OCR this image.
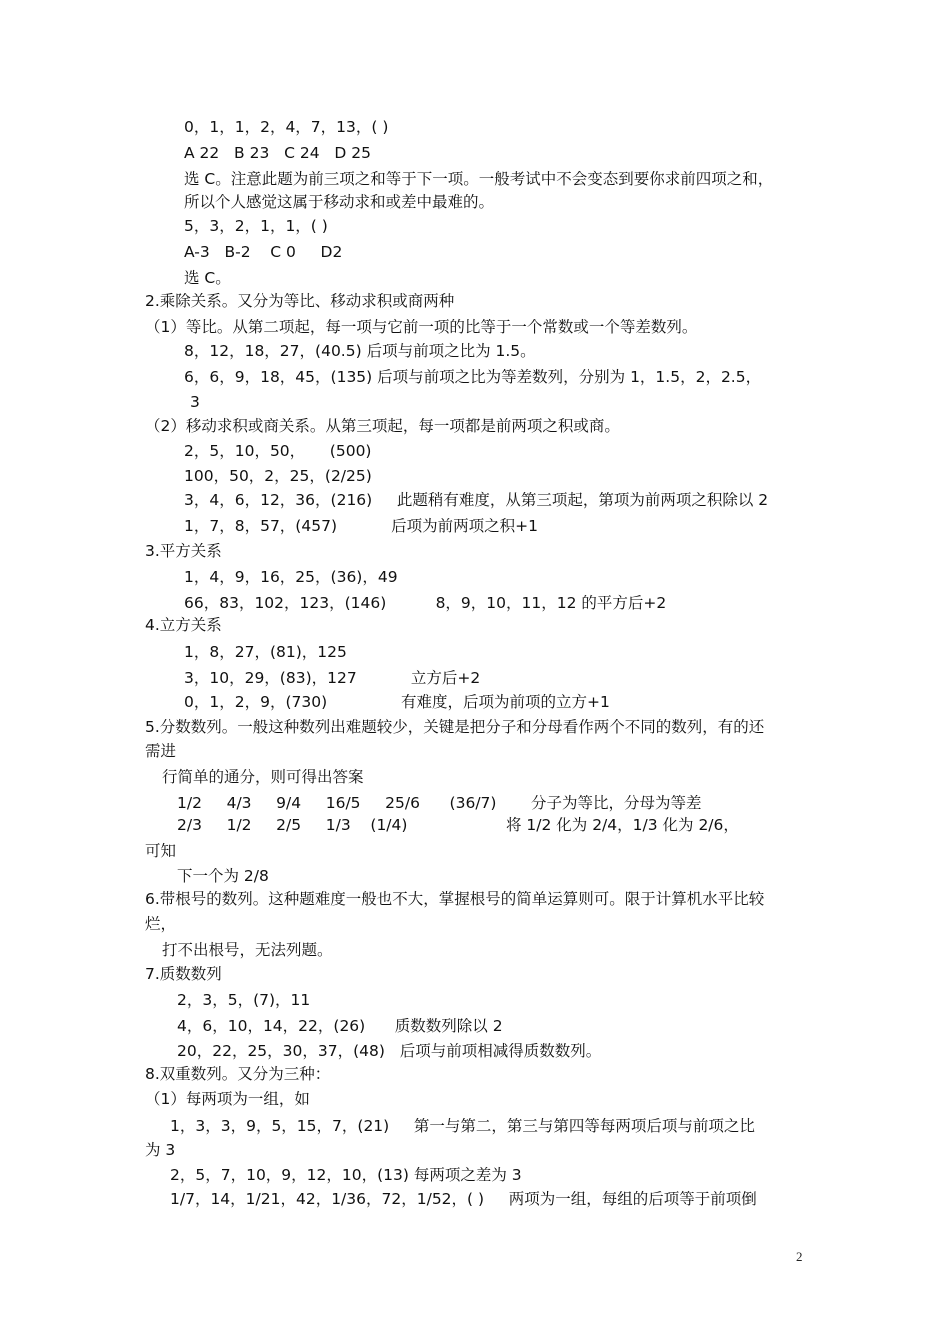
0，1，1，2，4，7，13，( )
A 22   B 23   C 24   D 25
选 C。注意此题为前三项之和等于下一项。一般考试中不会变态到要你求前四项之和，
所以个人感觉这属于移动求和或差中最难的。
5，3，2，1，1，( )
A-3   B-2    C 0     D2
选 C。
2.乘除关系。又分为等比、移动求积或商两种
（1）等比。从第二项起，每一项与它前一项的比等于一个常数或一个等差数列。
8，12，18，27，(40.5) 后项与前项之比为 1.5。
6，6，9，18，45，(135) 后项与前项之比为等差数列，分别为 1，1.5，2，2.5，
3
（2）移动求积或商关系。从第三项起，每一项都是前两项之积或商。
2，5，10，50，     (500)
100，50，2，25，(2/25)
3，4，6，12，36，(216)     此题稍有难度，从第三项起，第项为前两项之积除以 2
1，7，8，57，(457)           后项为前两项之积+1
3.平方关系
1，4，9，16，25，(36)，49
66，83，102，123，(146)          8，9，10，11，12 的平方后+2
4.立方关系
1，8，27，(81)，125
3，10，29，(83)，127           立方后+2
0，1，2，9，(730)               有难度，后项为前项的立方+1
5.分数数列。一般这种数列出难题较少，关键是把分子和分母看作两个不同的数列，有的还
需进
行简单的通分，则可得出答案
1/2     4/3     9/4     16/5     25/6      (36/7)       分子为等比，分母为等差
2/3     1/2     2/5     1/3    (1/4)                    将 1/2 化为 2/4，1/3 化为 2/6，
可知
下一个为 2/8
6.带根号的数列。这种题难度一般也不大，掌握根号的简单运算则可。限于计算机水平比较
烂，
打不出根号，无法列题。
7.质数数列
2，3，5，(7)，11
4，6，10，14，22，(26)      质数数列除以 2
20，22，25，30，37，(48)   后项与前项相减得质数数列。
8.双重数列。又分为三种：
（1）每两项为一组，如
1，3，3，9，5，15，7，(21)     第一与第二，第三与第四等每两项后项与前项之比
为 3
2，5，7，10，9，12，10，(13) 每两项之差为 3
1/7，14，1/21，42，1/36，72，1/52，( )     两项为一组，每组的后项等于前项倒
2
